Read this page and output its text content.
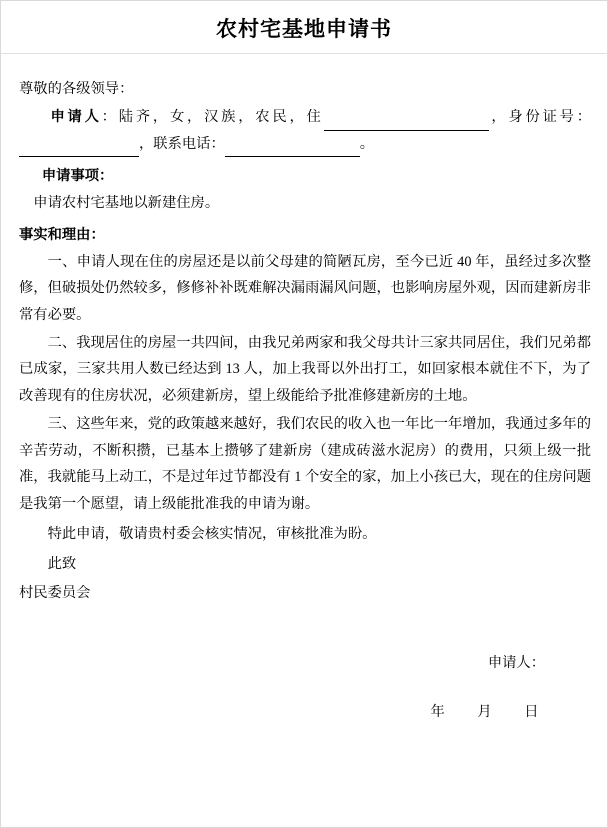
农村宅基地申请书
尊敬的各级领导：
申请人：陆齐，女，汉族，农民，住	，身份证号：，联系电话：	。
申请事项：
申请农村宅基地以新建住房。
事实和理由：
一、申请人现在住的房屋还是以前父母建的简陋瓦房，至今已近 40 年，虽经过多次整修，但破损处仍然较多，修修补补既难解决漏雨漏风问题，也影响房屋外观，因而建新房非常有必要。
二、我现居住的房屋一共四间，由我兄弟两家和我父母共计三家共同居住，我们兄弟都已成家，三家共用人数已经达到 13 人，加上我哥以外出打工，如回家根本就住不下，为了改善现有的住房状况，必须建新房，望上级能给予批准修建新房的土地。
三、这些年来，党的政策越来越好，我们农民的收入也一年比一年增加，我通过多年的辛苦劳动，不断积攒，已基本上攒够了建新房（建成砖滋水泥房）的费用，只须上级一批准，我就能马上动工，不是过年过节都没有 1 个安全的家，加上小孩已大，现在的住房问题是我第一个愿望，请上级能批准我的申请为谢。
特此申请，敬请贵村委会核实情况，审核批准为盼。
此致
村民委员会
申请人：
年 月 日
